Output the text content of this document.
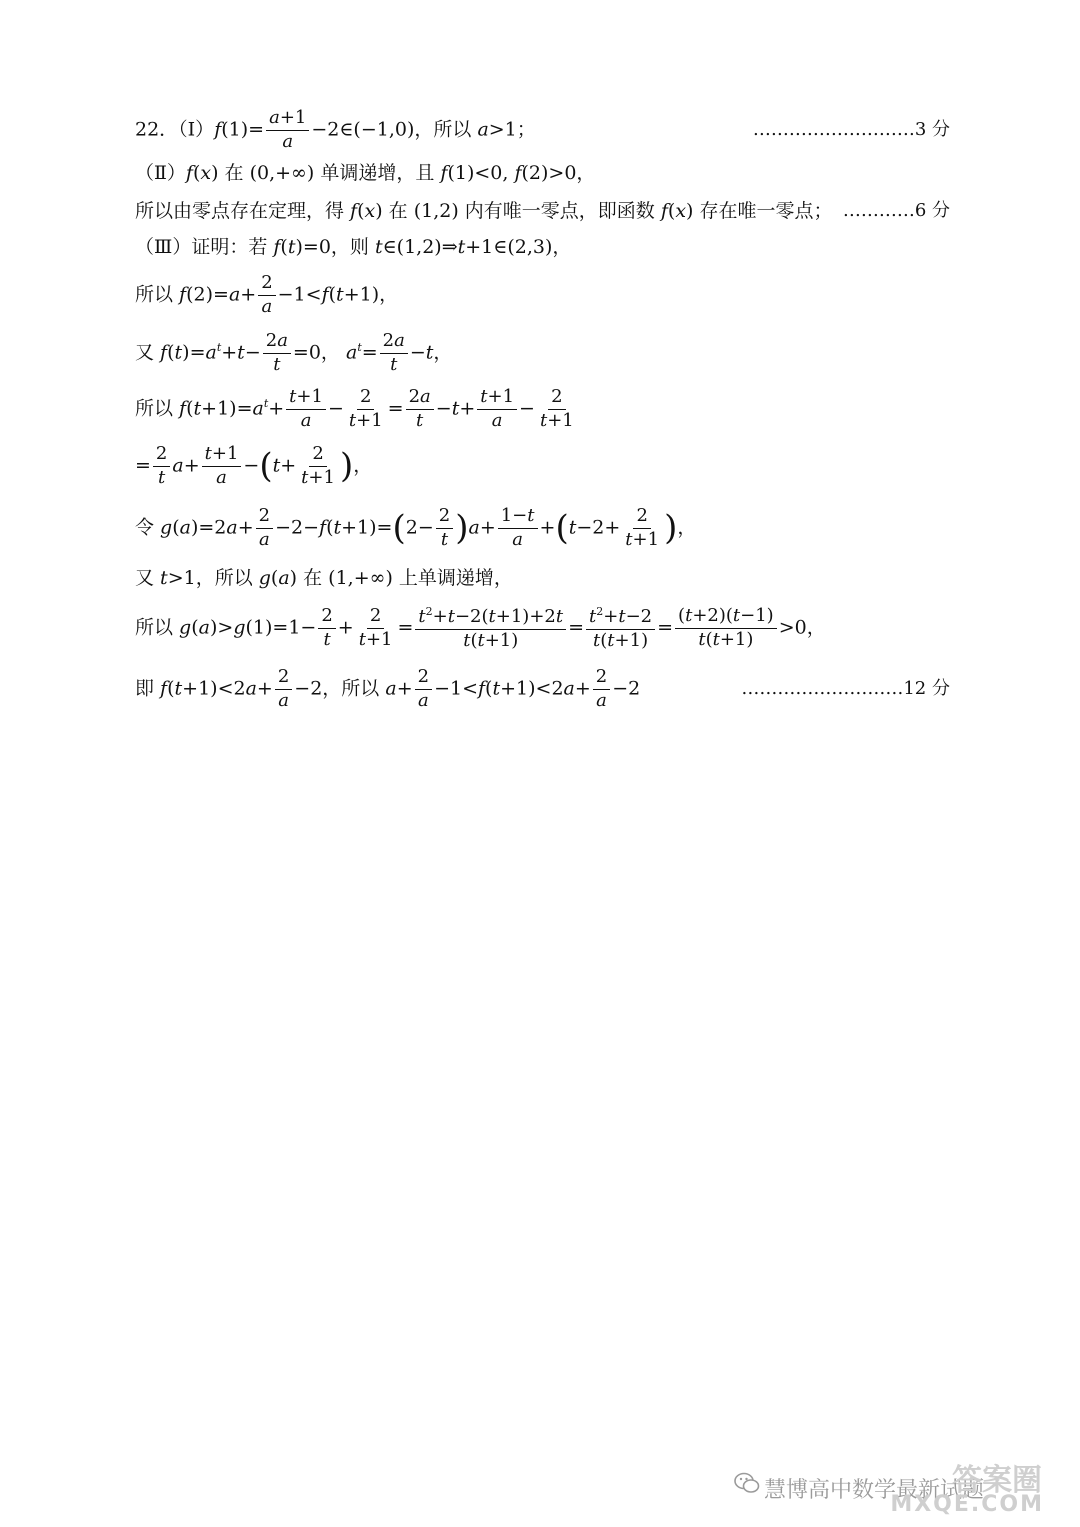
22．（Ⅰ）f(1)= $\frac{a+1}{a}$ −2∈(−1,0)，所以 a>1；	………………………3 分
（Ⅱ）f(x) 在 (0,+∞) 单调递增，且 f(1)<0, f(2)>0，
所以由零点存在定理，得 f(x) 在 (1,2) 内有唯一零点，即函数 f(x) 存在唯一零点； …………6 分
（Ⅲ）证明：若 f(t)=0，则 t∈(1,2)⇒t+1∈(2,3)，
所以 $f(2)=a+ \frac{2}{a} -1<f(t+1)$，
又 $f(t)=a^t+t- \frac{2a}{t} =0$， $a^t= \frac{2a}{t} -t$，
所以 $f(t+1)=a^t+ \frac{t+1}{a} - \frac{2}{t+1} = \frac{2a}{t} -t+ \frac{t+1}{a} - \frac{2}{t+1}$
= $\frac{2}{t} a+ \frac{t+1}{a} -(t+ \frac{2}{t+1}$ )，
令 $g(a)=2a+ \frac{2}{a} -2-f(t+1)=(2- \frac{2}{t} )a+ \frac{1-t}{a} +(t-2+ \frac{2}{t+1}$ )，
又 t>1，所以 g(a) 在 (1,+∞) 上单调递增，
所以 $g(a)>g(1)=1- \frac{2}{t} + \frac{2}{t+1} = \frac{t^2+t-2(t+1)+2t}{t(t+1)} = \frac{t^2+t-2}{t(t+1)} = \frac{(t+2)(t-1)}{t(t+1)} >0$，
即 $f(t+1)<2a+ \frac{2}{a} -2$，所以 $a+ \frac{2}{a} -1<f(t+1)<2a+ \frac{2}{a} -2$	………………………12 分
慧博高中数学最新试题
答案圈
MXQE.COM
